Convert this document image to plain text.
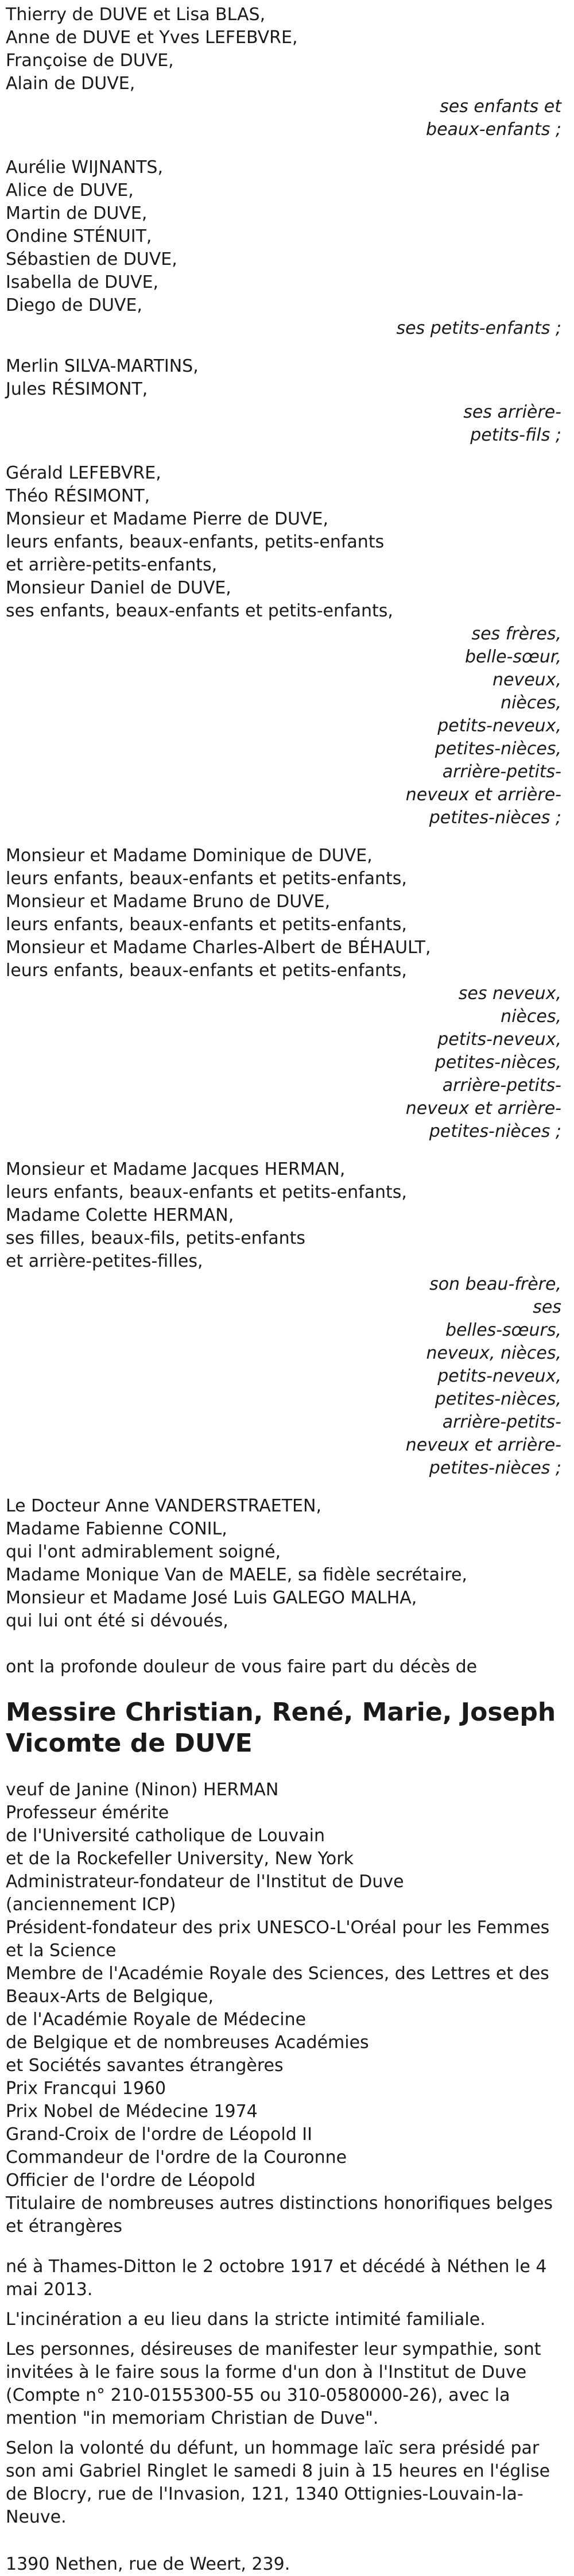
Thierry de DUVE et Lisa BLAS,
Anne de DUVE et Yves LEFEBVRE,
Françoise de DUVE,
Alain de DUVE,
ses enfants et
beaux-enfants ;
Aurélie WIJNANTS,
Alice de DUVE,
Martin de DUVE,
Ondine STÉNUIT,
Sébastien de DUVE,
Isabella de DUVE,
Diego de DUVE,
ses petits-enfants ;
Merlin SILVA-MARTINS,
Jules RÉSIMONT,
ses arrière-
petits-fils ;
Gérald LEFEBVRE,
Théo RÉSIMONT,
Monsieur et Madame Pierre de DUVE,
leurs enfants, beaux-enfants, petits-enfants
et arrière-petits-enfants,
Monsieur Daniel de DUVE,
ses enfants, beaux-enfants et petits-enfants,
ses frères,
belle-sœur, neveux,
nièces,
petits-neveux,
petites-nièces,
arrière-petits-
neveux et arrière-
petites-nièces ;
Monsieur et Madame Dominique de DUVE,
leurs enfants, beaux-enfants et petits-enfants,
Monsieur et Madame Bruno de DUVE,
leurs enfants, beaux-enfants et petits-enfants,
Monsieur et Madame Charles-Albert de BÉHAULT,
leurs enfants, beaux-enfants et petits-enfants,
ses neveux, nièces,
petits-neveux,
petites-nièces,
arrière-petits-
neveux et arrière-
petites-nièces ;
Monsieur et Madame Jacques HERMAN,
leurs enfants, beaux-enfants et petits-enfants,
Madame Colette HERMAN,
ses filles, beaux-fils, petits-enfants
et arrière-petites-filles,
son beau-frère, ses
belles-sœurs,
neveux, nièces,
petits-neveux,
petites-nièces,
arrière-petits-
neveux et arrière-
petites-nièces ;
Le Docteur Anne VANDERSTRAETEN,
Madame Fabienne CONIL,
qui l'ont admirablement soigné,
Madame Monique Van de MAELE, sa fidèle secrétaire,
Monsieur et Madame José Luis GALEGO MALHA,
qui lui ont été si dévoués,
ont la profonde douleur de vous faire part du décès de
Messire Christian, René, Marie, Joseph Vicomte de DUVE
veuf de Janine (Ninon) HERMAN
Professeur émérite
de l'Université catholique de Louvain
et de la Rockefeller University, New York
Administrateur-fondateur de l'Institut de Duve
(anciennement ICP)
Président-fondateur des prix UNESCO-L'Oréal pour les Femmes et la Science
Membre de l'Académie Royale des Sciences, des Lettres et des Beaux-Arts de Belgique,
de l'Académie Royale de Médecine
de Belgique et de nombreuses Académies
et Sociétés savantes étrangères
Prix Francqui 1960
Prix Nobel de Médecine 1974
Grand-Croix de l'ordre de Léopold II
Commandeur de l'ordre de la Couronne
Officier de l'ordre de Léopold
Titulaire de nombreuses autres distinctions honorifiques belges et étrangères
né à Thames-Ditton le 2 octobre 1917 et décédé à Néthen le 4 mai 2013.
L'incinération a eu lieu dans la stricte intimité familiale.
Les personnes, désireuses de manifester leur sympathie, sont invitées à le faire sous la forme d'un don à l'Institut de Duve (Compte n° 210-0155300-55 ou 310-0580000-26), avec la mention "in memoriam Christian de Duve".
Selon la volonté du défunt, un hommage laïc sera présidé par son ami Gabriel Ringlet le samedi 8 juin à 15 heures en l'église de Blocry, rue de l'Invasion, 121, 1340 Ottignies-Louvain-la-Neuve.
1390 Nethen, rue de Weert, 239.
